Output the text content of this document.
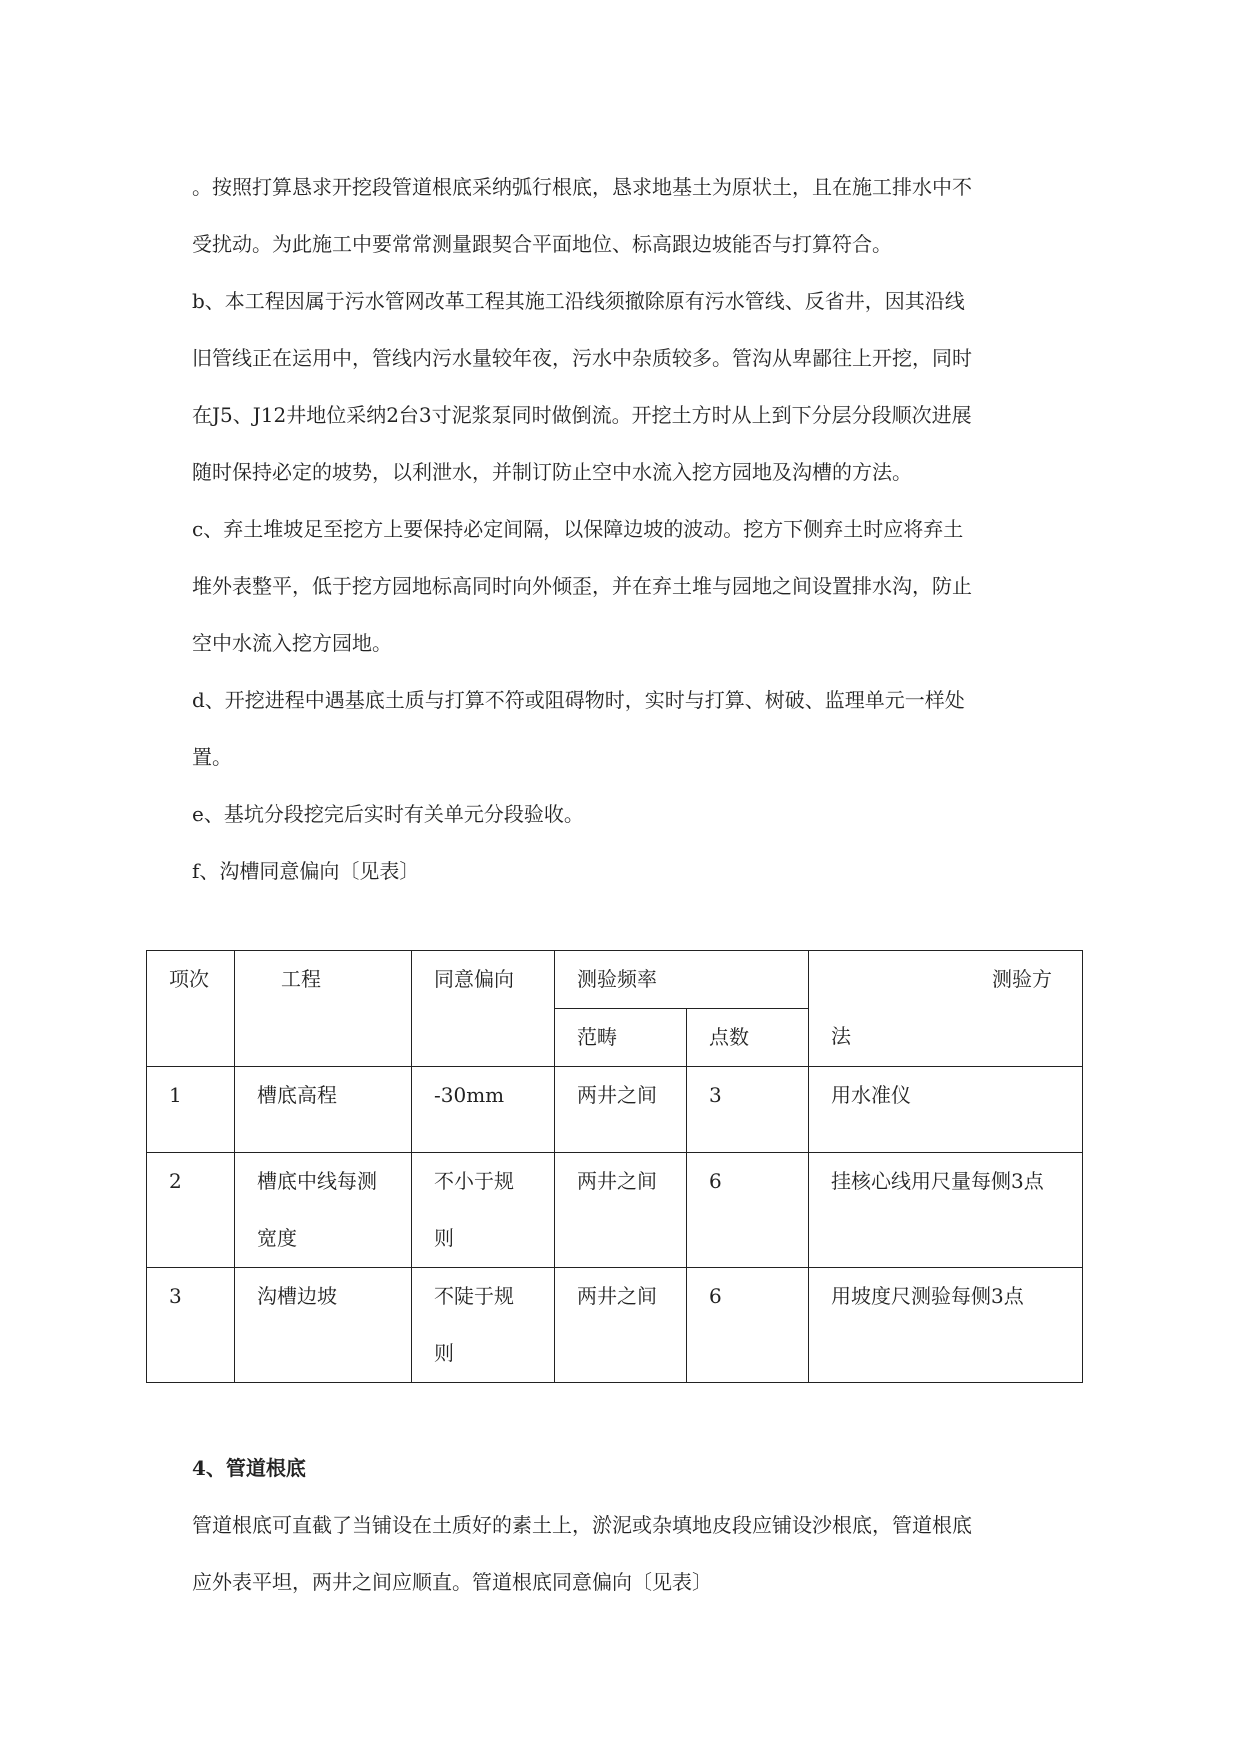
。按照打算恳求开挖段管道根底采纳弧行根底，恳求地基土为原状土，且在施工排水中不
受扰动。为此施工中要常常测量跟契合平面地位、标高跟边坡能否与打算符合。
b、本工程因属于污水管网改革工程其施工沿线须撤除原有污水管线、反省井，因其沿线
旧管线正在运用中，管线内污水量较年夜，污水中杂质较多。管沟从卑鄙往上开挖，同时
在J5、J12井地位采纳2台3寸泥浆泵同时做倒流。开挖土方时从上到下分层分段顺次进展
随时保持必定的坡势，以利泄水，并制订防止空中水流入挖方园地及沟槽的方法。
c、弃土堆坡足至挖方上要保持必定间隔，以保障边坡的波动。挖方下侧弃土时应将弃土
堆外表整平，低于挖方园地标高同时向外倾歪，并在弃土堆与园地之间设置排水沟，防止
空中水流入挖方园地。
d、开挖进程中遇基底土质与打算不符或阻碍物时，实时与打算、树破、监理单元一样处
置。
e、基坑分段挖完后实时有关单元分段验收。
f、沟槽同意偏向〔见表〕
项次	工程	同意偏向	测验频率		测验方
法

			范畴	点数	

1	槽底高程	-30mm	两井之间	3	用水准仪

2	槽底中线每测
宽度	不小于规
则	两井之间	6	挂核心线用尺量每侧3点

3	沟槽边坡	不陡于规
则	两井之间	6	用坡度尺测验每侧3点
4、管道根底
管道根底可直截了当铺设在土质好的素土上，淤泥或杂填地皮段应铺设沙根底，管道根底
应外表平坦，两井之间应顺直。管道根底同意偏向〔见表〕
